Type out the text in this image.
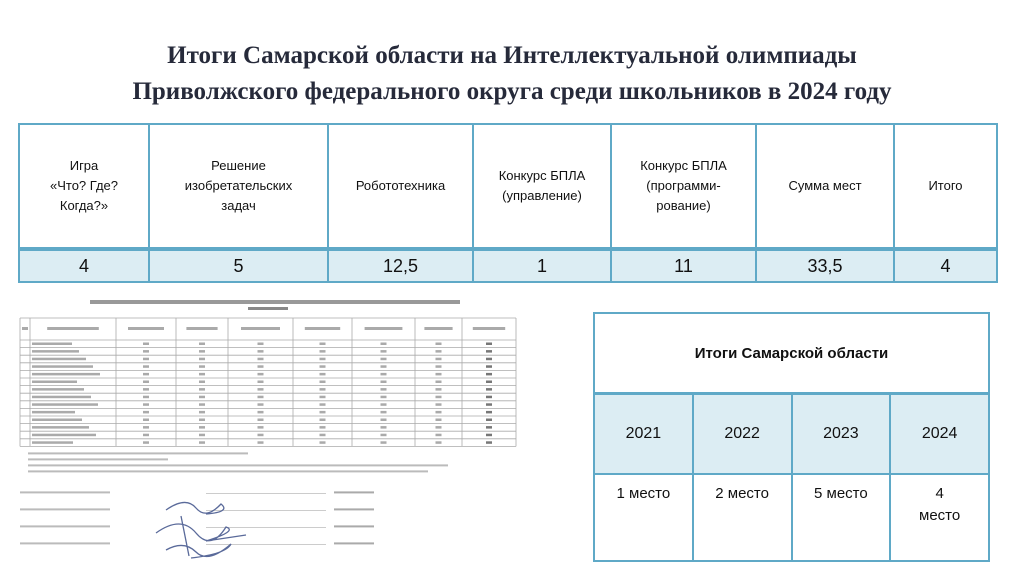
Итоги Самарской области на Интеллектуальной олимпиады
Приволжского федерального округа среди школьников в 2024 году
Игра
«Что? Где?
Когда?»	Решение
изобретательских
задач	Робототехника	Конкурс БПЛА
(управление)	Конкурс БПЛА
(программи-
рование)	Сумма мест	Итого
4	5	12,5	1	11	33,5	4
Итоги Самарской области			
2021	2022	2023	2024
1 место	2 место	5 место	4
место
